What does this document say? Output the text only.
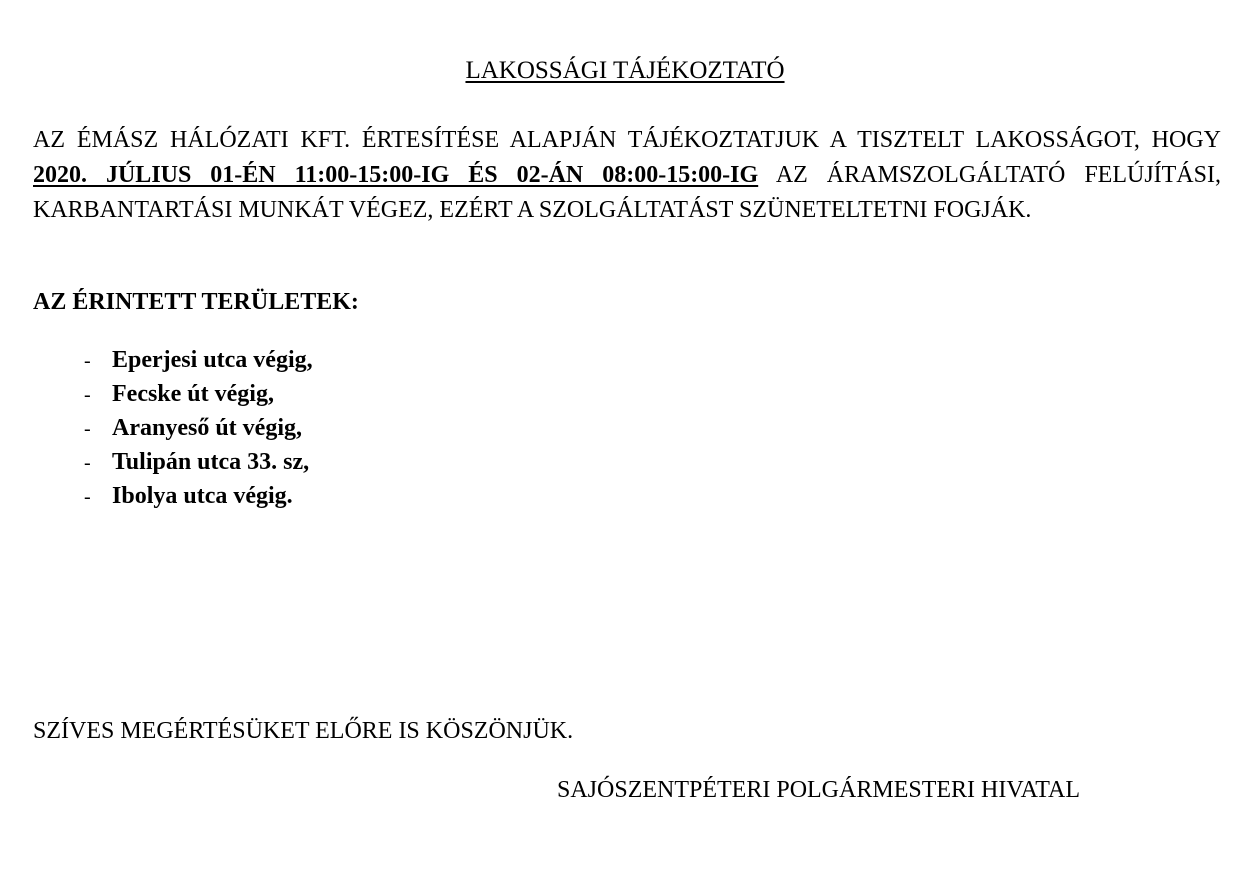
LAKOSSÁGI TÁJÉKOZTATÓ

AZ ÉMÁSZ HÁLÓZATI KFT. ÉRTESÍTÉSE ALAPJÁN TÁJÉKOZTATJUK A TISZTELT LAKOSSÁGOT, HOGY 2020. JÚLIUS 01-ÉN 11:00-15:00-IG ÉS 02-ÁN 08:00-15:00-IG AZ ÁRAMSZOLGÁLTATÓ FELÚJÍTÁSI, KARBANTARTÁSI MUNKÁT VÉGEZ, EZÉRT A SZOLGÁLTATÁST SZÜNETELTETNI FOGJÁK.

AZ ÉRINTETT TERÜLETEK:

- Eperjesi utca végig,
- Fecske út végig,
- Aranyeső út végig,
- Tulipán utca 33. sz,
- Ibolya utca végig.

SZÍVES MEGÉRTÉSÜKET ELŐRE IS KÖSZÖNJÜK.

SAJÓSZENTPÉTERI POLGÁRMESTERI HIVATAL
